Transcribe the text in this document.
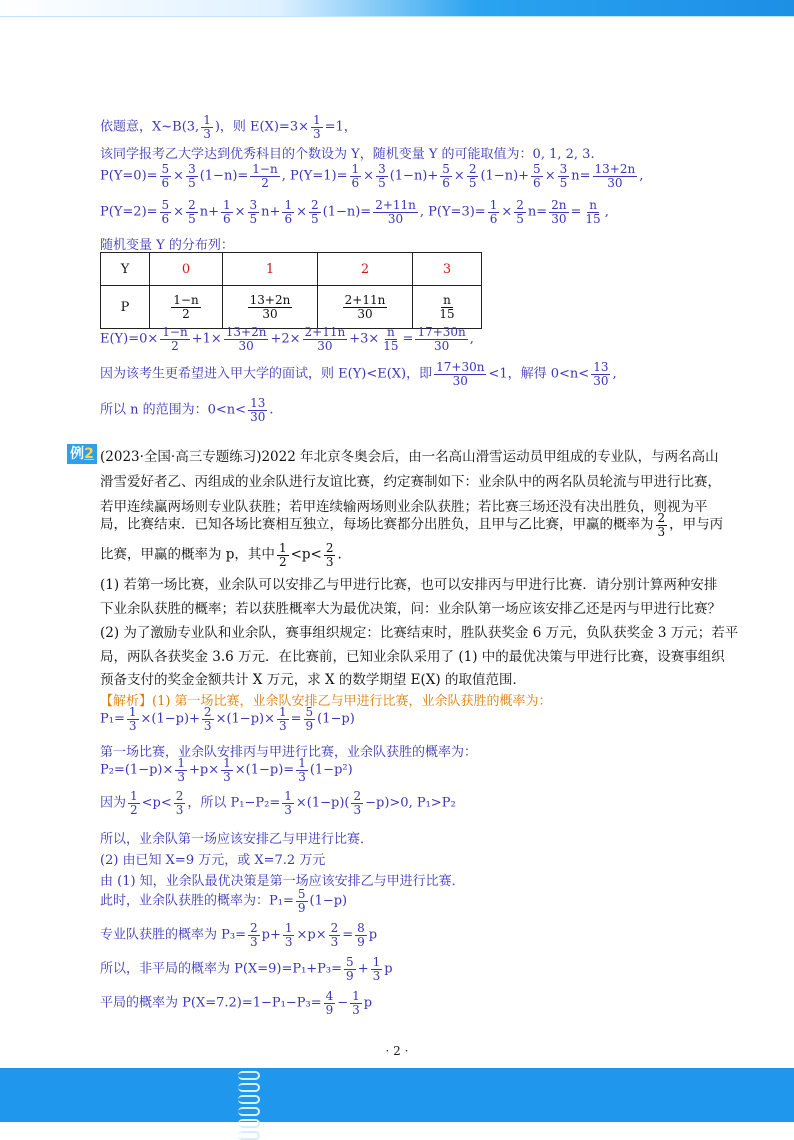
依题意，X~B(3, $\frac{1}{3}$ )，则 $E(X)=3\times \frac{1}{3} =1$，
该同学报考乙大学达到优秀科目的个数设为 Y，随机变量 Y 的可能取值为：0, 1, 2, 3.
$P(Y=0)= \frac{5}{6} \times \frac{3}{5} (1-n)= \frac{1-n}{2}$ , $P(Y=1)= \frac{1}{6} \times \frac{3}{5} (1-n)+ \frac{5}{6} \times \frac{2}{5} (1-n)+ \frac{5}{6} \times \frac{3}{5} n= \frac{13+2n}{30}$ ,
$P(Y=2)= \frac{5}{6} \times \frac{2}{5} n+ \frac{1}{6} \times \frac{3}{5} n+ \frac{1}{6} \times \frac{2}{5} (1-n)= \frac{2+11n}{30}$ , $P(Y=3)= \frac{1}{6} \times \frac{2}{5} n= \frac{2n}{30} = \frac{n}{15}$ ,
随机变量 Y 的分布列：
Y	0	1	2	3
P	$\frac{1-n}{2}$	$\frac{13+2n}{30}$	$\frac{2+11n}{30}$	$\frac{n}{15}$
$E(Y)=0\times \frac{1-n}{2} +1\times \frac{13+2n}{30} +2\times \frac{2+11n}{30} +3\times \frac{n}{15} = \frac{17+30n}{30}$ ,
因为该考生更希望进入甲大学的面试，则 E(Y)<E(X)，即 $\frac{17+30n}{30} <1$，解得 $0<n< \frac{13}{30}$ ,
所以 n 的范围为：$0<n< \frac{13}{30}$ .
例2 (2023·全国·高三专题练习)2022 年北京冬奥会后，由一名高山滑雪运动员甲组成的专业队，与两名高山
滑雪爱好者乙、丙组成的业余队进行友谊比赛，约定赛制如下：业余队中的两名队员轮流与甲进行比赛，
若甲连续赢两场则专业队获胜；若甲连续输两场则业余队获胜；若比赛三场还没有决出胜负，则视为平
局，比赛结束．已知各场比赛相互独立，每场比赛都分出胜负，且甲与乙比赛，甲赢的概率为 $\frac{2}{3}$ ，甲与丙
比赛，甲赢的概率为 p，其中 $\frac{1}{2} <p< \frac{2}{3}$ .
(1) 若第一场比赛，业余队可以安排乙与甲进行比赛，也可以安排丙与甲进行比赛．请分别计算两种安排
下业余队获胜的概率；若以获胜概率大为最优决策，问：业余队第一场应该安排乙还是丙与甲进行比赛？
(2) 为了激励专业队和业余队，赛事组织规定：比赛结束时，胜队获奖金 6 万元，负队获奖金 3 万元；若平
局，两队各获奖金 3.6 万元．在比赛前，已知业余队采用了 (1) 中的最优决策与甲进行比赛，设赛事组织
预备支付的奖金金额共计 X 万元，求 X 的数学期望 E(X) 的取值范围．
【解析】(1) 第一场比赛，业余队安排乙与甲进行比赛，业余队获胜的概率为：
$P_1= \frac{1}{3} \times(1-p)+ \frac{2}{3} \times(1-p)\times \frac{1}{3} = \frac{5}{9} (1-p)$
第一场比赛，业余队安排丙与甲进行比赛，业余队获胜的概率为：
$P_2=(1-p)\times \frac{1}{3} +p\times \frac{1}{3} \times(1-p)= \frac{1}{3} (1-p^2)$
因为 $\frac{1}{2} <p< \frac{2}{3}$ ，所以 $P_1-P_2= \frac{1}{3} \times(1-p)( \frac{2}{3} -p)>0$, P₁>P₂
所以，业余队第一场应该安排乙与甲进行比赛．
(2) 由已知 X=9 万元，或 X=7.2 万元
由 (1) 知，业余队最优决策是第一场应该安排乙与甲进行比赛．
此时，业余队获胜的概率为：$P_1= \frac{5}{9} (1-p)$
专业队获胜的概率为 $P_3= \frac{2}{3} p+ \frac{1}{3} \times p\times \frac{2}{3} = \frac{8}{9}$ p
所以，非平局的概率为 $P(X=9)=P_1+P_3= \frac{5}{9} + \frac{1}{3}$ p
平局的概率为 $P(X=7.2)=1-P_1-P_3= \frac{4}{9} - \frac{1}{3}$ p
· 2 ·
